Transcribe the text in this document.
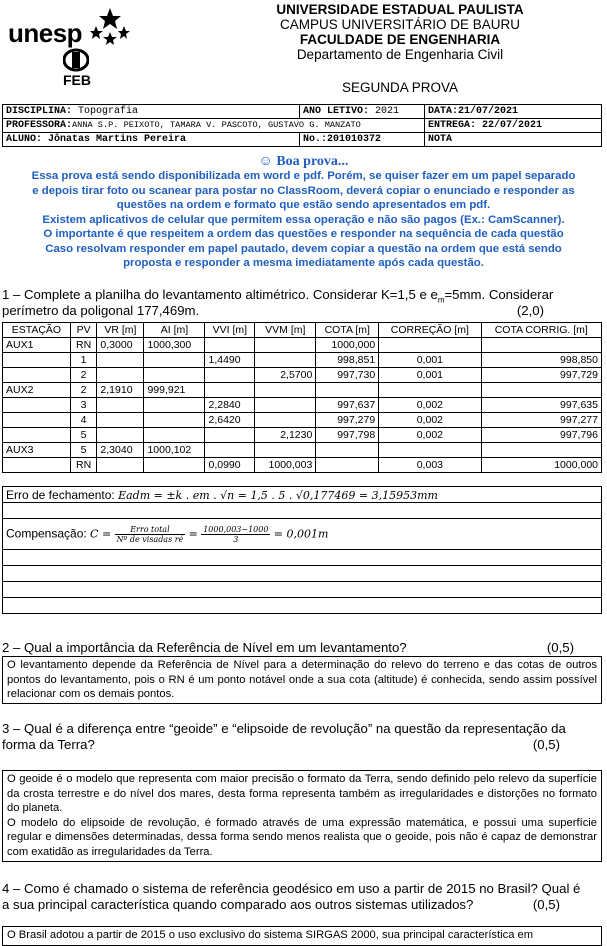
unesp
FEB
UNIVERSIDADE ESTADUAL PAULISTA
CAMPUS UNIVERSITÁRIO DE BAURU
FACULDADE DE ENGENHARIA
Departamento de Engenharia Civil
SEGUNDA PROVA
DISCIPLINA: Topografia	ANO LETIVO: 2021	DATA:21/07/2021
PROFESSORA:ANNA S.P. PEIXOTO, TAMARA V. PASCOTO, GUSTAVO G. MANZATO		ENTREGA: 22/07/2021
ALUNO: Jônatas Martins Pereira	No.:201010372	NOTA
☺ Boa prova...
Essa prova está sendo disponibilizada em word e pdf. Porém, se quiser fazer em um papel separado
e depois tirar foto ou scanear para postar no ClassRoom, deverá copiar o enunciado e responder as
questões na ordem e formato que estão sendo apresentados em pdf.
Existem aplicativos de celular que permitem essa operação e não são pagos (Ex.: CamScanner).
O importante é que respeitem a ordem das questões e responder na sequência de cada questão
Caso resolvam responder em papel pautado, devem copiar a questão na ordem que está sendo
proposta e responder a mesma imediatamente após cada questão.
1 – Complete a planilha do levantamento altimétrico. Considerar K=1,5 e $e_m=5mm$. Considerar
perímetro da poligonal 177,469m.	(2,0)
ESTAÇÃO	PV	VR [m]	AI [m]	VVI [m]	VVM [m]	COTA [m]	CORREÇÃO [m]	COTA CORRIG. [m]
AUX1	RN	0,3000	1000,300			1000,000		
	1			1,4490		998,851	0,001	998,850
	2				2,5700	997,730	0,001	997,729
AUX2	2	2,1910	999,921					
	3			2,2840		997,637	0,002	997,635
	4			2,6420		997,279	0,002	997,277
	5				2,1230	997,798	0,002	997,796
AUX3	5	2,3040	1000,102					
	RN			0,0990	1000,003		0,003	1000,000
Erro de fechamento: Eadm = ±k . em . √n = 1,5 . 5 . √0,177469 = 3,15953mm

Compensação: $C = \frac{\text{Erro total}}{\text{Nº de visadas ré}} = \frac{1000,003-1000}{3} = 0,001m$

2 – Qual a importância da Referência de Nível em um levantamento?	(0,5)

O levantamento depende da Referência de Nível para a determinação do relevo do terreno e das cotas de outros pontos do levantamento, pois o RN é um ponto notável onde a sua cota (altitude) é conhecida, sendo assim possível relacionar com os demais pontos.

3 – Qual é a diferença entre “geoide” e “elipsoide de revolução” na questão da representação da
forma da Terra?	(0,5)

O geoide é o modelo que representa com maior precisão o formato da Terra, sendo definido pelo relevo da superfície da crosta terrestre e do nível dos mares, desta forma representa também as irregularidades e distorções no formato do planeta.

O modelo do elipsoide de revolução, é formado através de uma expressão matemática, e possui uma superfície regular e dimensões determinadas, dessa forma sendo menos realista que o geoide, pois não é capaz de demonstrar com exatidão as irregularidades da Terra.

4 – Como é chamado o sistema de referência geodésico em uso a partir de 2015 no Brasil? Qual é
a sua principal característica quando comparado aos outros sistemas utilizados?	(0,5)

O Brasil adotou a partir de 2015 o uso exclusivo do sistema SIRGAS 2000, sua principal característica em
